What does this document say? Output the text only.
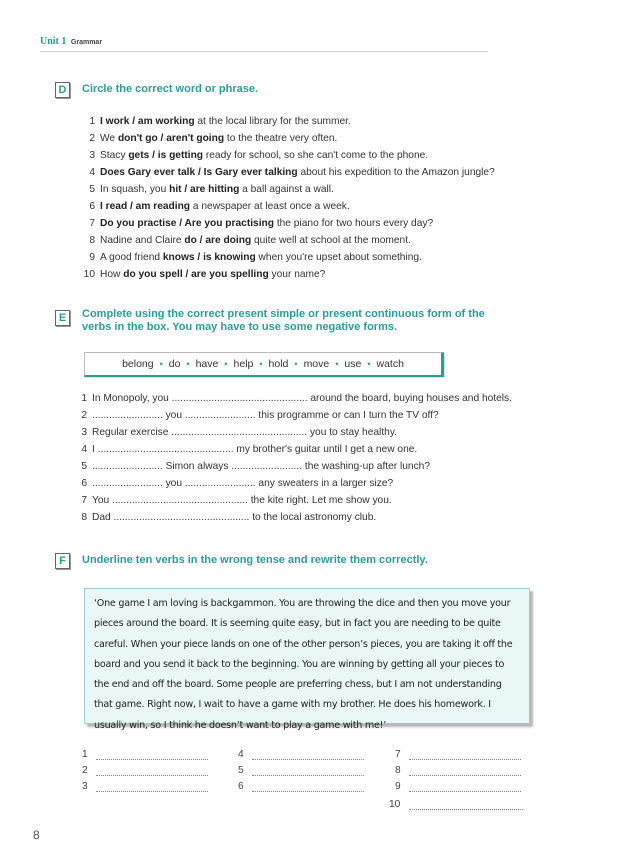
Unit 1 Grammar
D	Circle the correct word or phrase.
1 I work / am working at the local library for the summer.
2 We don't go / aren't going to the theatre very often.
3 Stacy gets / is getting ready for school, so she can't come to the phone.
4 Does Gary ever talk / Is Gary ever talking about his expedition to the Amazon jungle?
5 In squash, you hit / are hitting a ball against a wall.
6 I read / am reading a newspaper at least once a week.
7 Do you practise / Are you practising the piano for two hours every day?
8 Nadine and Claire do / are doing quite well at school at the moment.
9 A good friend knows / is knowing when you're upset about something.
10 How do you spell / are you spelling your name?
E	Complete using the correct present simple or present continuous form of the
verbs in the box. You may have to use some negative forms.
belong • do • have • help • hold • move • use • watch
1 In Monopoly, you ................................................ around the board, buying houses and hotels.
2 ......................... you ......................... this programme or can I turn the TV off?
3 Regular exercise ................................................ you to stay healthy.
4 I ................................................ my brother's guitar until I get a new one.
5 ......................... Simon always ......................... the washing-up after lunch?
6 ......................... you ......................... any sweaters in a larger size?
7 You ................................................ the kite right. Let me show you.
8 Dad ................................................ to the local astronomy club.
F	Underline ten verbs in the wrong tense and rewrite them correctly.
‘One game I am loving is backgammon. You are throwing the dice and then you move your pieces around the board. It is seeming quite easy, but in fact you are needing to be quite careful. When your piece lands on one of the other person’s pieces, you are taking it off the board and you send it back to the beginning. You are winning by getting all your pieces to the end and off the board. Some people are preferring chess, but I am not understanding that game. Right now, I wait to have a game with my brother. He does his homework. I usually win, so I think he doesn’t want to play a game with me!’
1
2
3
4
5
6
7
8
9
10
8
